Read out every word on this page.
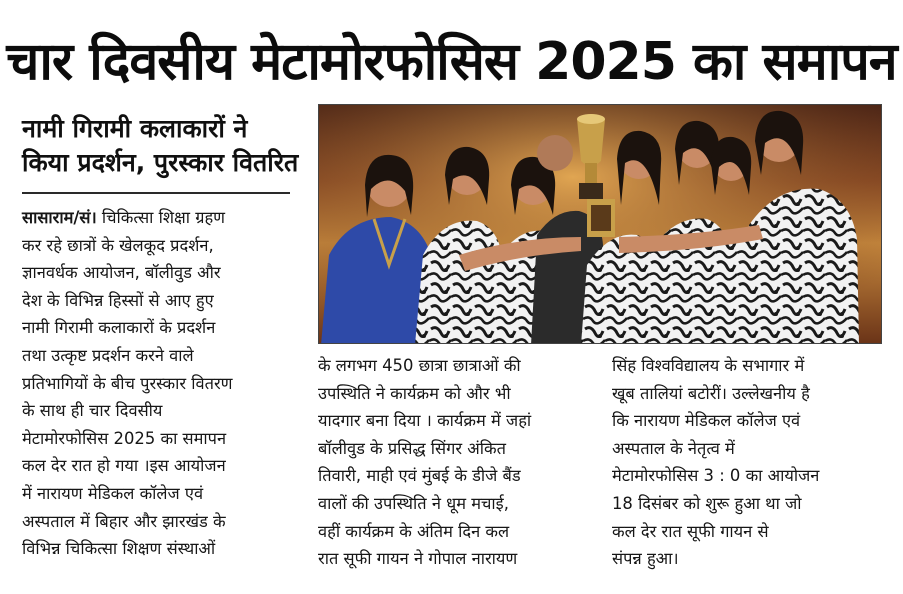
चार दिवसीय मेटामोरफोसिस 2025 का समापन
नामी गिरामी कलाकारों ने
किया प्रदर्शन, पुरस्कार वितरित
सासाराम/सं। चिकित्सा शिक्षा ग्रहण
कर रहे छात्रों के खेलकूद प्रदर्शन,
ज्ञानवर्धक आयोजन, बॉलीवुड और
देश के विभिन्न हिस्सों से आए हुए
नामी गिरामी कलाकारों के प्रदर्शन
तथा उत्कृष्ट प्रदर्शन करने वाले
प्रतिभागियों के बीच पुरस्कार वितरण
के साथ ही चार दिवसीय
मेटामोरफोसिस 2025 का समापन
कल देर रात हो गया ।इस आयोजन
में नारायण मेडिकल कॉलेज एवं
अस्पताल में बिहार और झारखंड के
विभिन्न चिकित्सा शिक्षण संस्थाओं
के लगभग 450 छात्रा छात्राओं की
उपस्थिति ने कार्यक्रम को और भी
यादगार बना दिया । कार्यक्रम में जहां
बॉलीवुड के प्रसिद्ध सिंगर अंकित
तिवारी, माही एवं मुंबई के डीजे बैंड
वालों की उपस्थिति ने धूम मचाई,
वहीं कार्यक्रम के अंतिम दिन कल
रात सूफी गायन ने गोपाल नारायण
सिंह विश्वविद्यालय के सभागार में
खूब तालियां बटोरीं। उल्लेखनीय है
कि नारायण मेडिकल कॉलेज एवं
अस्पताल के नेतृत्व में
मेटामोरफोसिस 3 : 0 का आयोजन
18 दिसंबर को शुरू हुआ था जो
कल देर रात सूफी गायन से
संपन्न हुआ।
